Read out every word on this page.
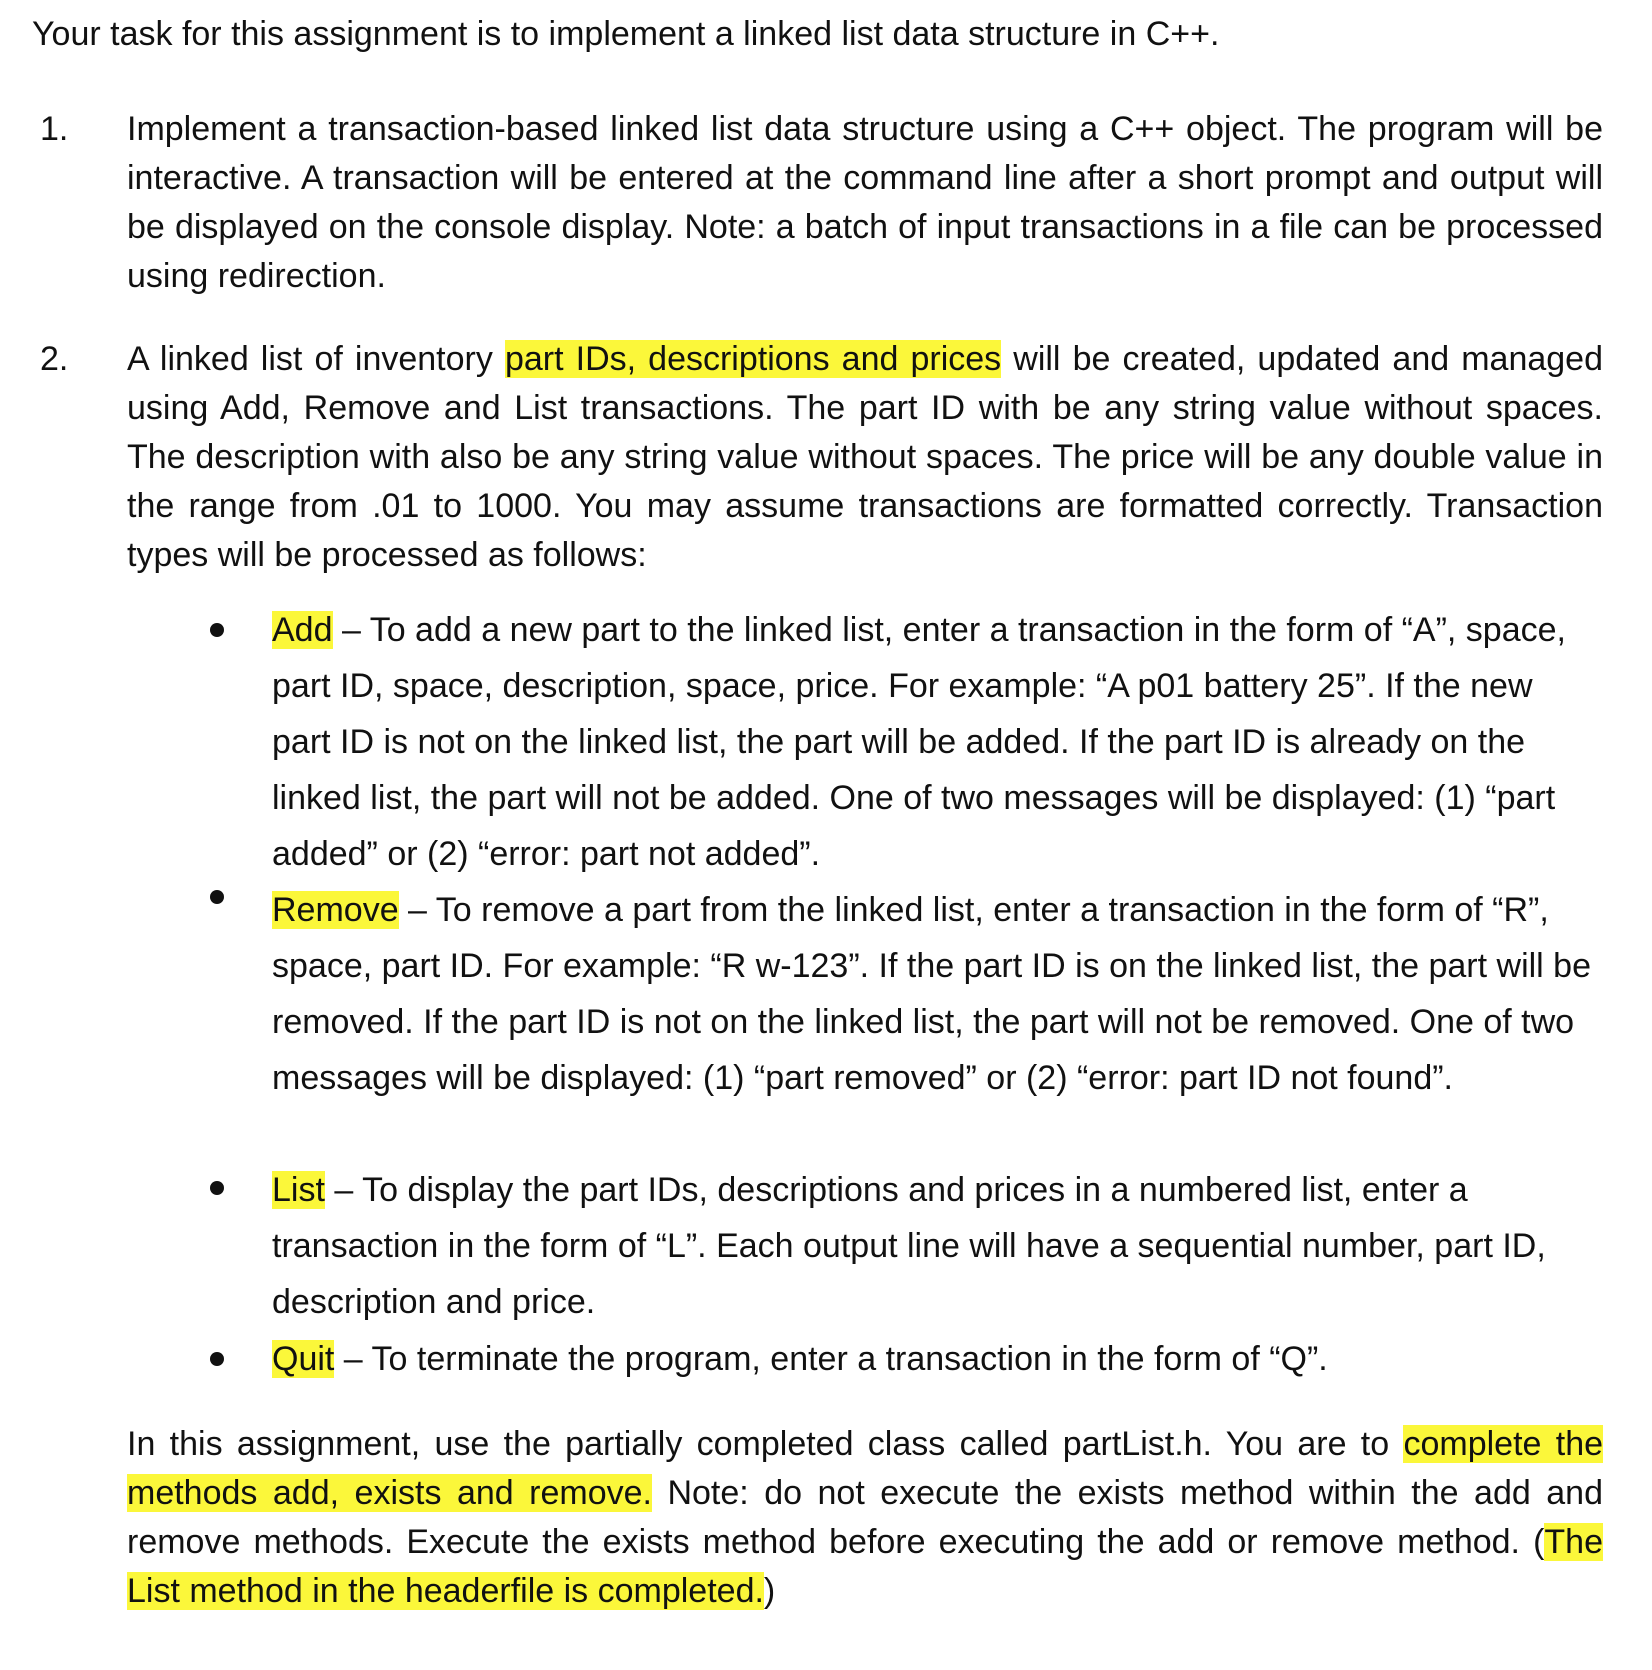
Your task for this assignment is to implement a linked list data structure in C++.
1. Implement a transaction-based linked list data structure using a C++ object. The program will be interactive. A transaction will be entered at the command line after a short prompt and output will be displayed on the console display. Note: a batch of input transactions in a file can be processed using redirection.
2. A linked list of inventory part IDs, descriptions and prices will be created, updated and managed using Add, Remove and List transactions. The part ID with be any string value without spaces. The description with also be any string value without spaces. The price will be any double value in the range from .01 to 1000. You may assume transactions are formatted correctly. Transaction types will be processed as follows:
Add – To add a new part to the linked list, enter a transaction in the form of “A”, space, part ID, space, description, space, price. For example: “A p01 battery 25”. If the new part ID is not on the linked list, the part will be added. If the part ID is already on the linked list, the part will not be added. One of two messages will be displayed: (1) “part added” or (2) “error: part not added”.
Remove – To remove a part from the linked list, enter a transaction in the form of “R”, space, part ID. For example: “R w-123”. If the part ID is on the linked list, the part will be removed. If the part ID is not on the linked list, the part will not be removed. One of two messages will be displayed: (1) “part removed” or (2) “error: part ID not found”.
List – To display the part IDs, descriptions and prices in a numbered list, enter a transaction in the form of “L”. Each output line will have a sequential number, part ID, description and price.
Quit – To terminate the program, enter a transaction in the form of “Q”.
In this assignment, use the partially completed class called partList.h. You are to complete the methods add, exists and remove. Note: do not execute the exists method within the add and remove methods. Execute the exists method before executing the add or remove method. (The List method in the headerfile is completed.)
